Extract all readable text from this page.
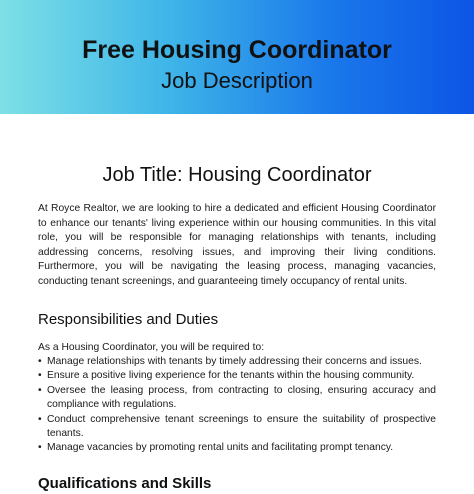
Free Housing Coordinator
Job Description
Job Title: Housing Coordinator

At Royce Realtor, we are looking to hire a dedicated and efficient Housing Coordinator to enhance our tenants' living experience within our housing communities. In this vital role, you will be responsible for managing relationships with tenants, including addressing concerns, resolving issues, and improving their living conditions. Furthermore, you will be navigating the leasing process, managing vacancies, conducting tenant screenings, and guaranteeing timely occupancy of rental units.

Responsibilities and Duties

As a Housing Coordinator, you will be required to:

• Manage relationships with tenants by timely addressing their concerns and issues.
• Ensure a positive living experience for the tenants within the housing community.
• Oversee the leasing process, from contracting to closing, ensuring accuracy and compliance with regulations.
• Conduct comprehensive tenant screenings to ensure the suitability of prospective tenants.
• Manage vacancies by promoting rental units and facilitating prompt tenancy.
Qualifications and Skills
